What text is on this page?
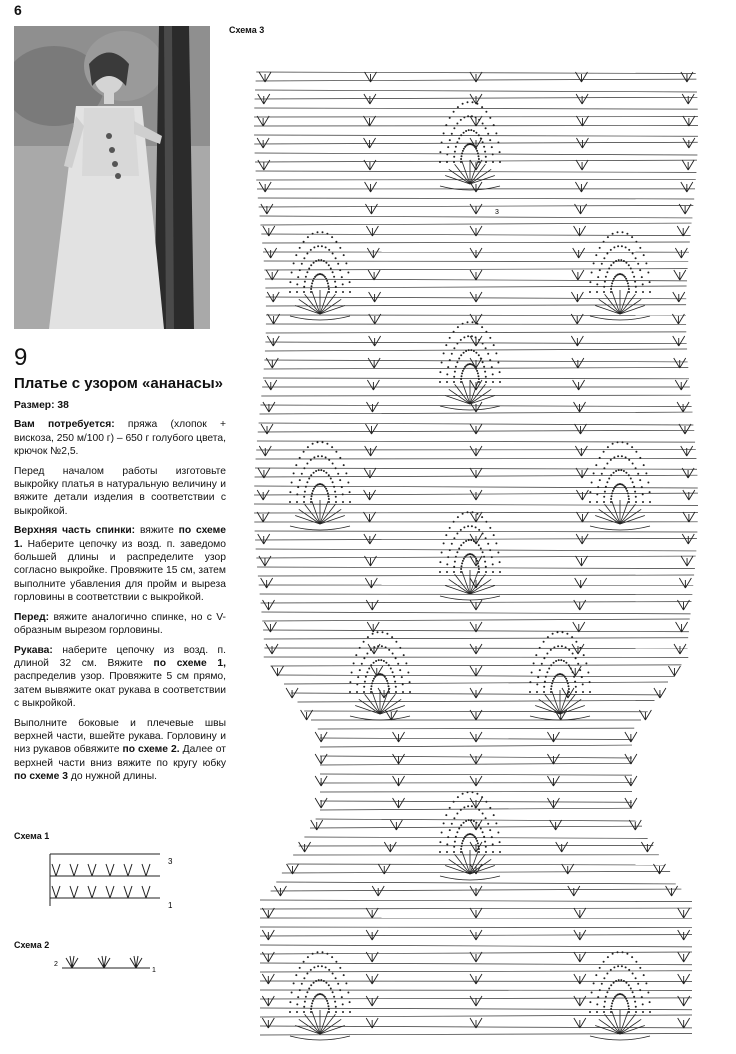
6
9
Платье с узором «ананасы»

Размер: 38

Вам потребуется: пряжа (хлопок + вискоза, 250 м/100 г) – 650 г голубого цвета, крючок №2,5.

Перед началом работы изготовьте выкройку платья в натуральную величину и вяжите детали изделия в соответствии с выкройкой.

Верхняя часть спинки: вяжите по схеме 1. Наберите цепочку из возд. п. заведомо большей длины и распределите узор согласно выкройке. Провяжите 15 см, затем выполните убавления для пройм и выреза горловины в соответствии с выкройкой.

Перед: вяжите аналогично спинке, но с V-образным вырезом горловины.

Рукава: наберите цепочку из возд. п. длиной 32 см. Вяжите по схеме 1, распределив узор. Провяжите 5 см прямо, затем вывяжите окат рукава в соответствии с выкройкой.

Выполните боковые и плечевые швы верхней части, вшейте рукава. Горловину и низ рукавов обвяжите по схеме 2. Далее от верхней части вниз вяжите по кругу юбку по схеме 3 до нужной длины.

Схема 1
3
1
Схема 2
2
1
Схема 3
3
